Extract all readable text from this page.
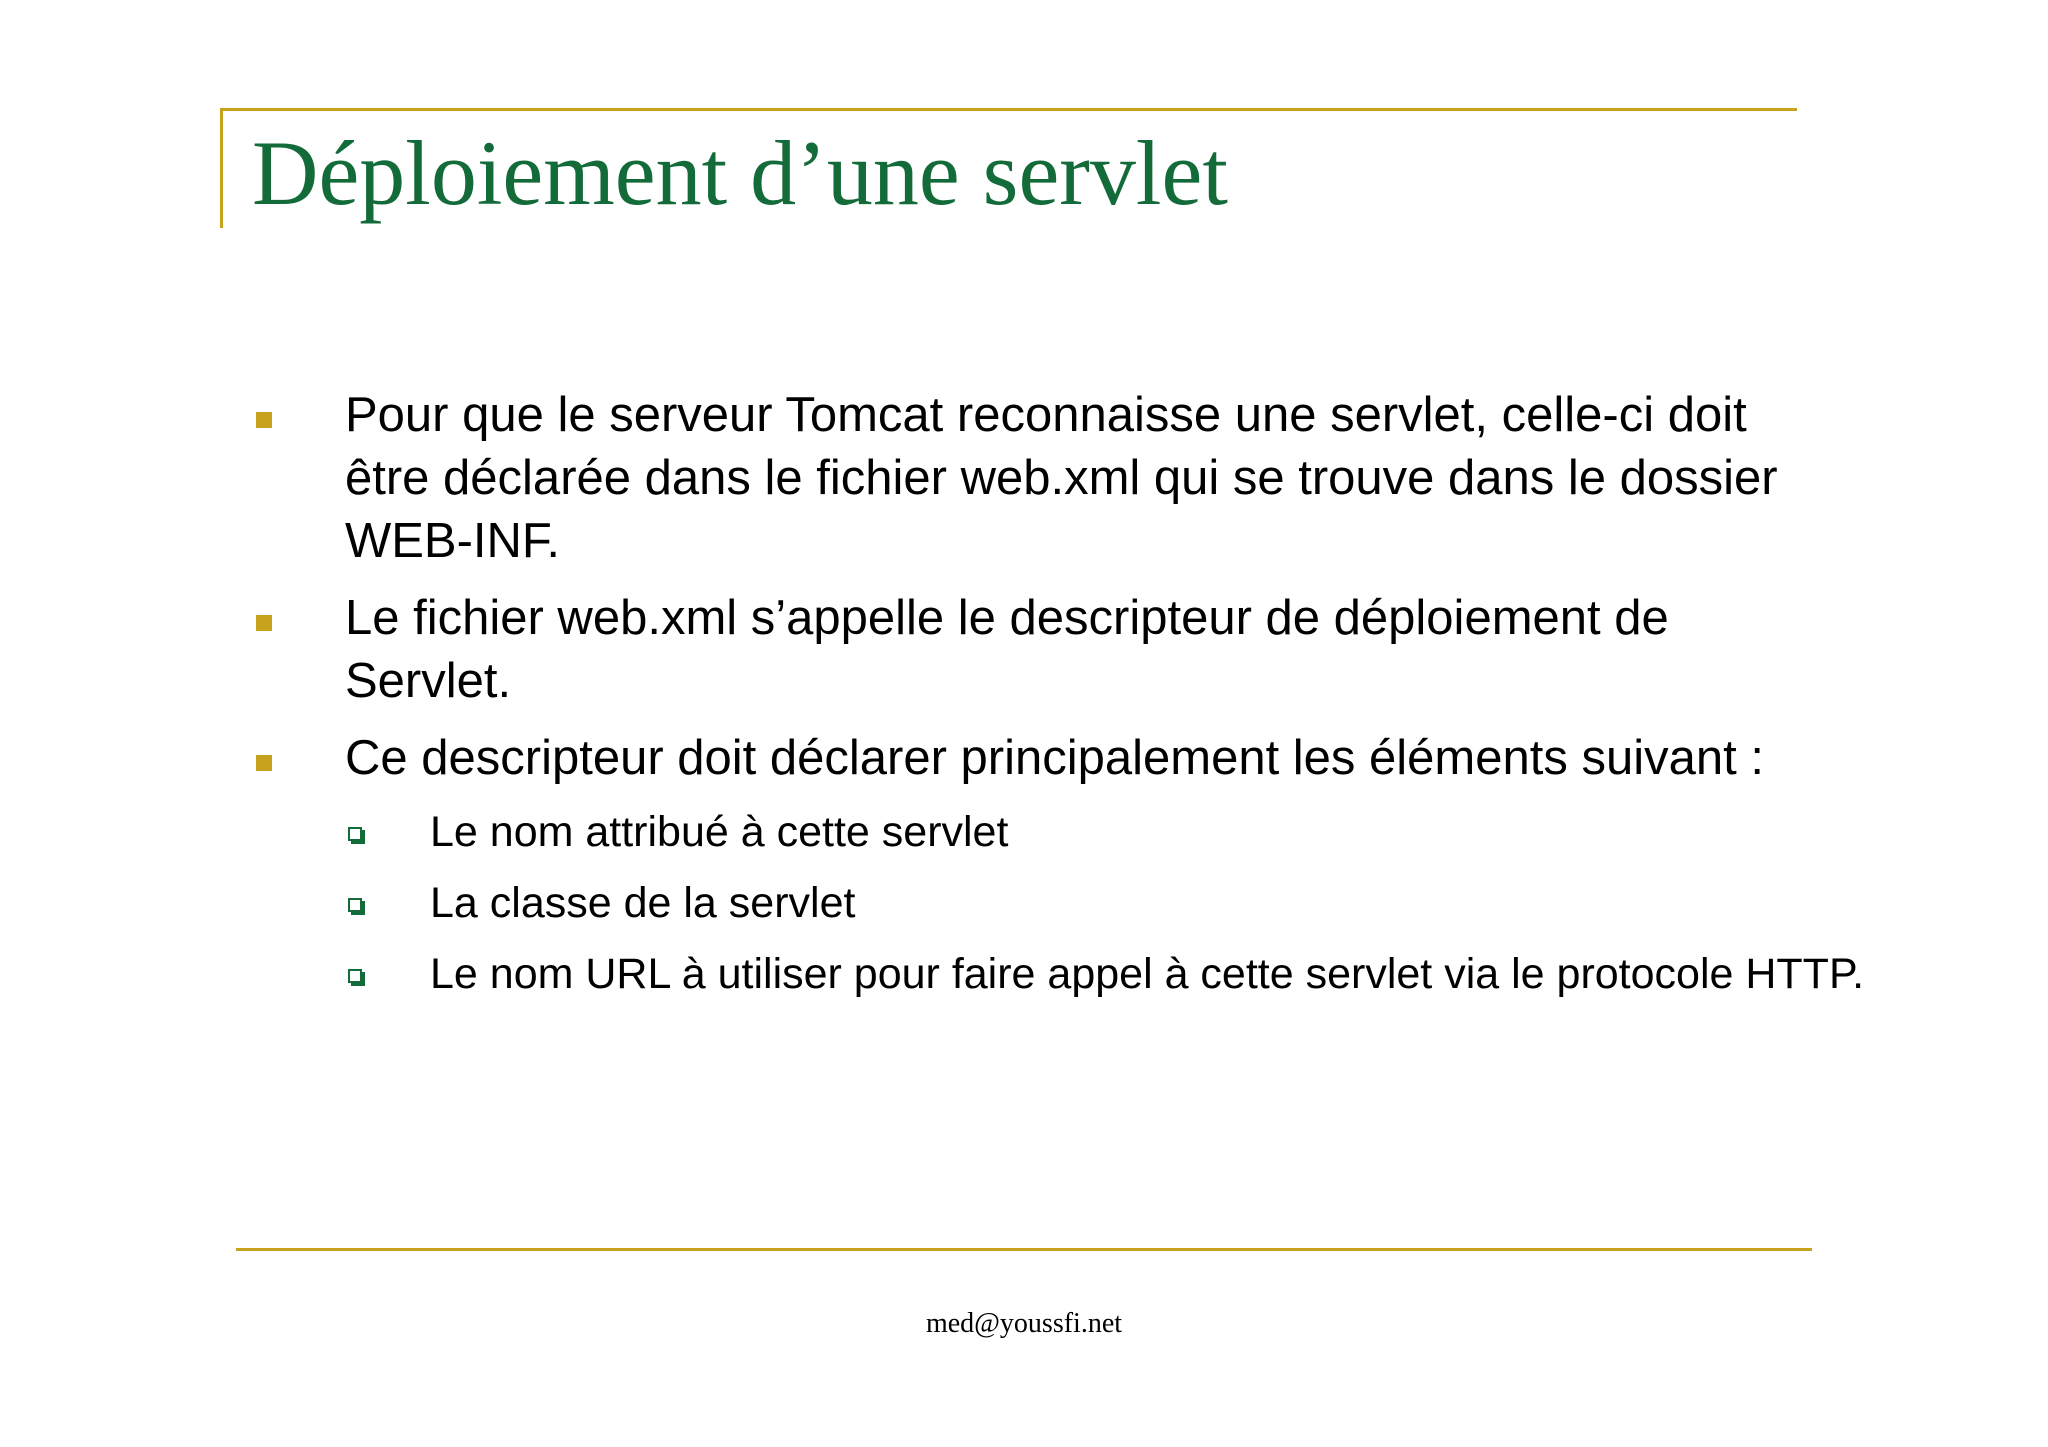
Déploiement d’une servlet
Pour que le serveur Tomcat reconnaisse une servlet, celle-ci doit être déclarée dans le fichier web.xml qui se trouve dans le dossier WEB-INF.
Le fichier web.xml s’appelle le descripteur de déploiement de Servlet.
Ce descripteur doit déclarer principalement les éléments suivant :
Le nom attribué à cette servlet
La classe de la servlet
Le nom URL à utiliser pour faire appel à cette servlet via le protocole HTTP.
med@youssfi.net
